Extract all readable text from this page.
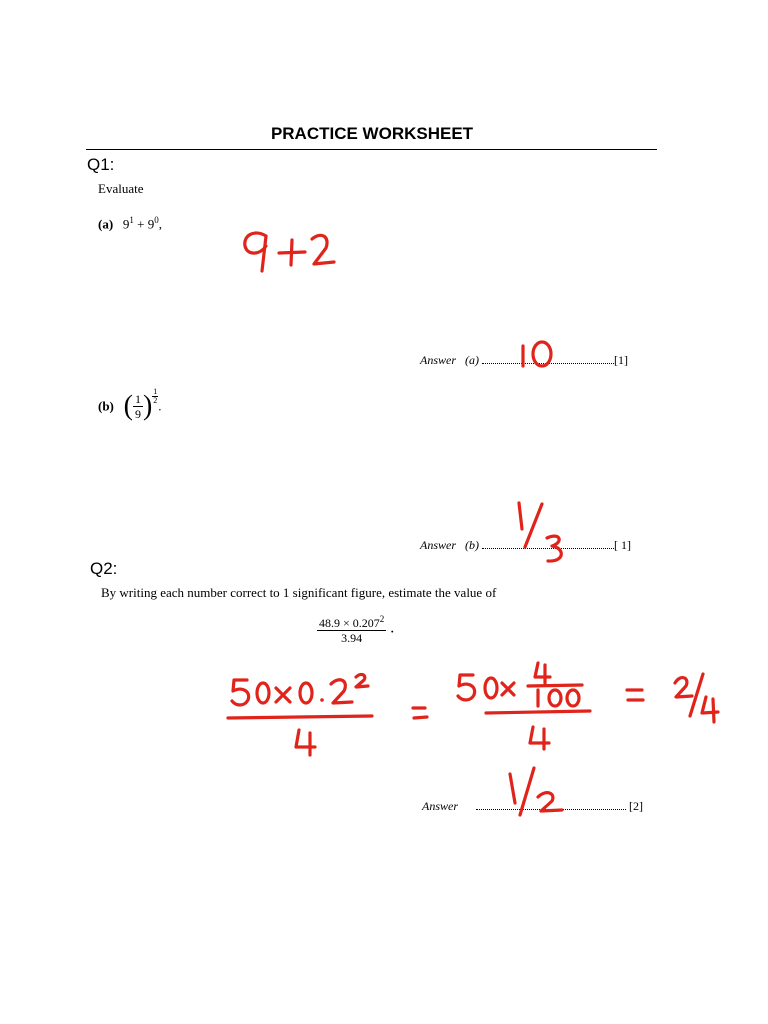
PRACTICE WORKSHEET
Q1:
Evaluate
(a) $9^1 + 9^0$,
Answer (a)	[1]
(b) ( $\frac{1}{9}$ ) $\frac{1}{2}$
.
Answer (b)	[ 1]
Q2:
By writing each number correct to 1 significant figure, estimate the value of
$\frac{48.9 \times 0.207^2}{3.94}$ .
Answer	[2]
